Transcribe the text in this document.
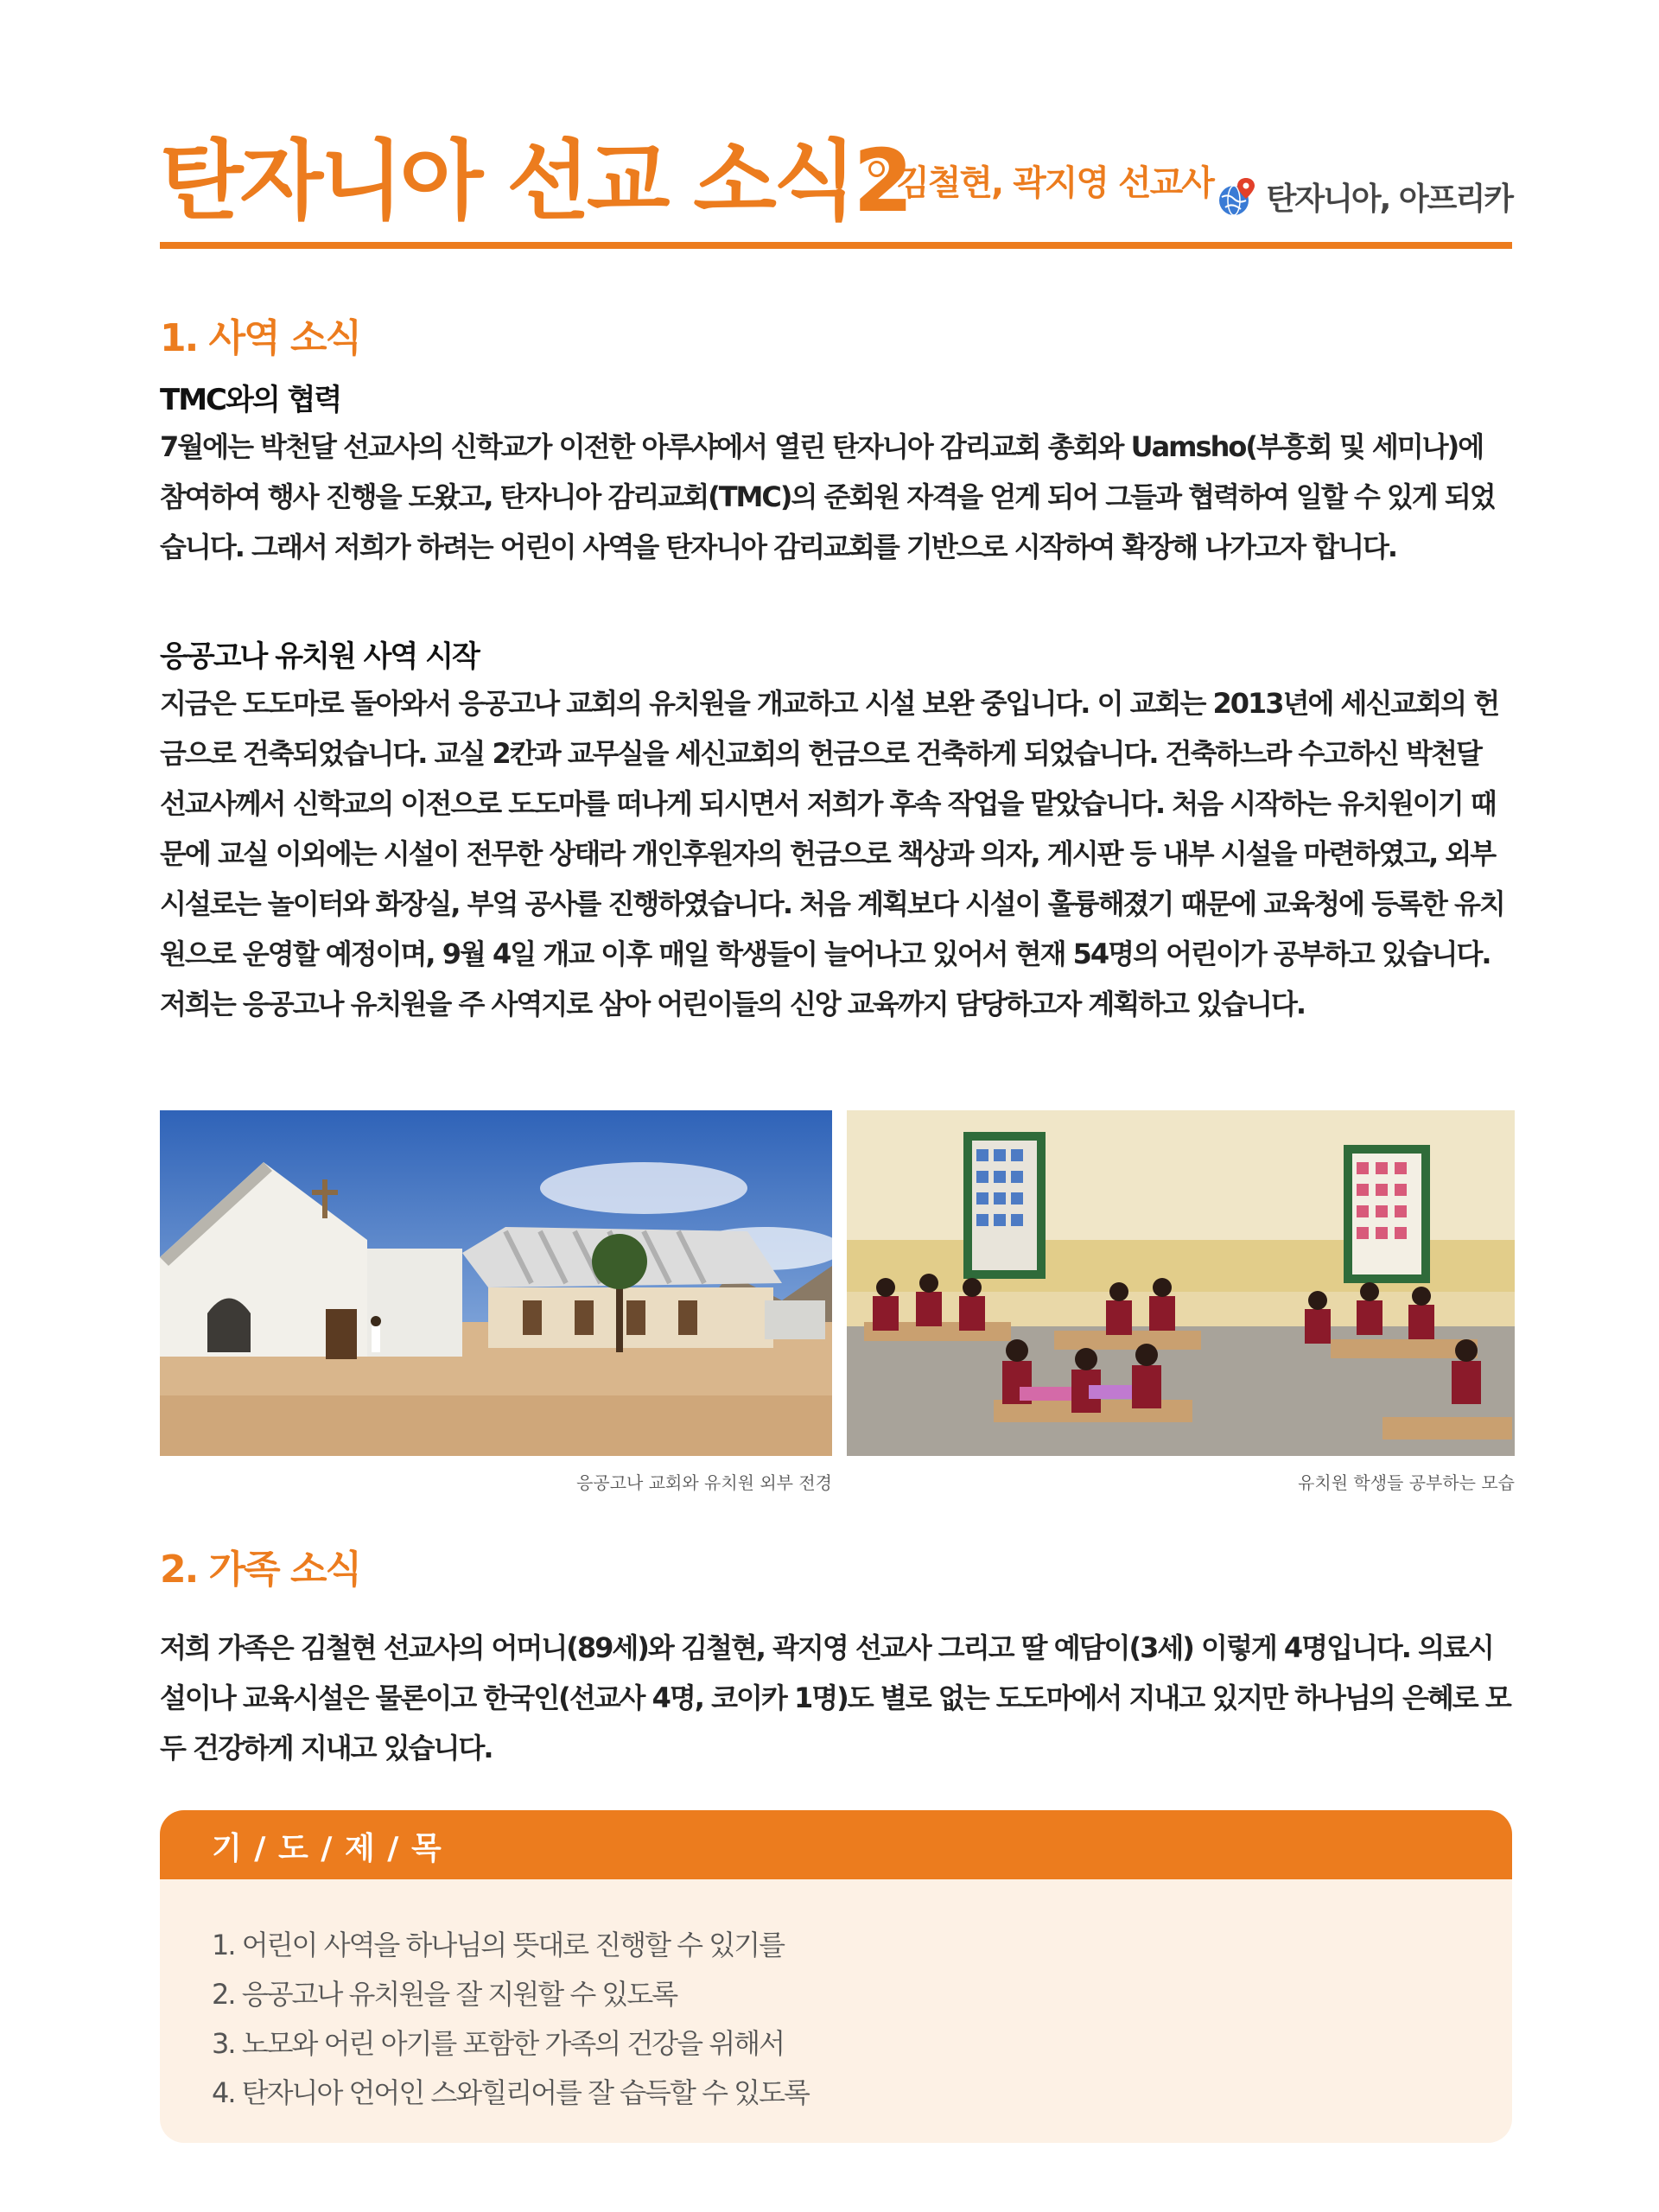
탄자니아 선교 소식2
김철현, 곽지영 선교사	탄자니아, 아프리카
1. 사역 소식
TMC와의 협력
7월에는 박천달 선교사의 신학교가 이전한 아루샤에서 열린 탄자니아 감리교회 총회와 Uamsho(부흥회 및 세미나)에 참여하여 행사 진행을 도왔고, 탄자니아 감리교회(TMC)의 준회원 자격을 얻게 되어 그들과 협력하여 일할 수 있게 되었습니다. 그래서 저희가 하려는 어린이 사역을 탄자니아 감리교회를 기반으로 시작하여 확장해 나가고자 합니다.
응공고나 유치원 사역 시작
지금은 도도마로 돌아와서 응공고나 교회의 유치원을 개교하고 시설 보완 중입니다. 이 교회는 2013년에 세신교회의 헌금으로 건축되었습니다. 교실 2칸과 교무실을 세신교회의 헌금으로 건축하게 되었습니다. 건축하느라 수고하신 박천달 선교사께서 신학교의 이전으로 도도마를 떠나게 되시면서 저희가 후속 작업을 맡았습니다. 처음 시작하는 유치원이기 때문에 교실 이외에는 시설이 전무한 상태라 개인후원자의 헌금으로 책상과 의자, 게시판 등 내부 시설을 마련하였고, 외부시설로는 놀이터와 화장실, 부엌 공사를 진행하였습니다. 처음 계획보다 시설이 훌륭해졌기 때문에 교육청에 등록한 유치원으로 운영할 예정이며, 9월 4일 개교 이후 매일 학생들이 늘어나고 있어서 현재 54명의 어린이가 공부하고 있습니다. 저희는 응공고나 유치원을 주 사역지로 삼아 어린이들의 신앙 교육까지 담당하고자 계획하고 있습니다.
응공고나 교회와 유치원 외부 전경	유치원 학생들 공부하는 모습
2. 가족 소식
저희 가족은 김철현 선교사의 어머니(89세)와 김철현, 곽지영 선교사 그리고 딸 예담이(3세) 이렇게 4명입니다. 의료시설이나 교육시설은 물론이고 한국인(선교사 4명, 코이카 1명)도 별로 없는 도도마에서 지내고 있지만 하나님의 은혜로 모두 건강하게 지내고 있습니다.
기 / 도 / 제 / 목
1. 어린이 사역을 하나님의 뜻대로 진행할 수 있기를
2. 응공고나 유치원을 잘 지원할 수 있도록
3. 노모와 어린 아기를 포함한 가족의 건강을 위해서
4. 탄자니아 언어인 스와힐리어를 잘 습득할 수 있도록
